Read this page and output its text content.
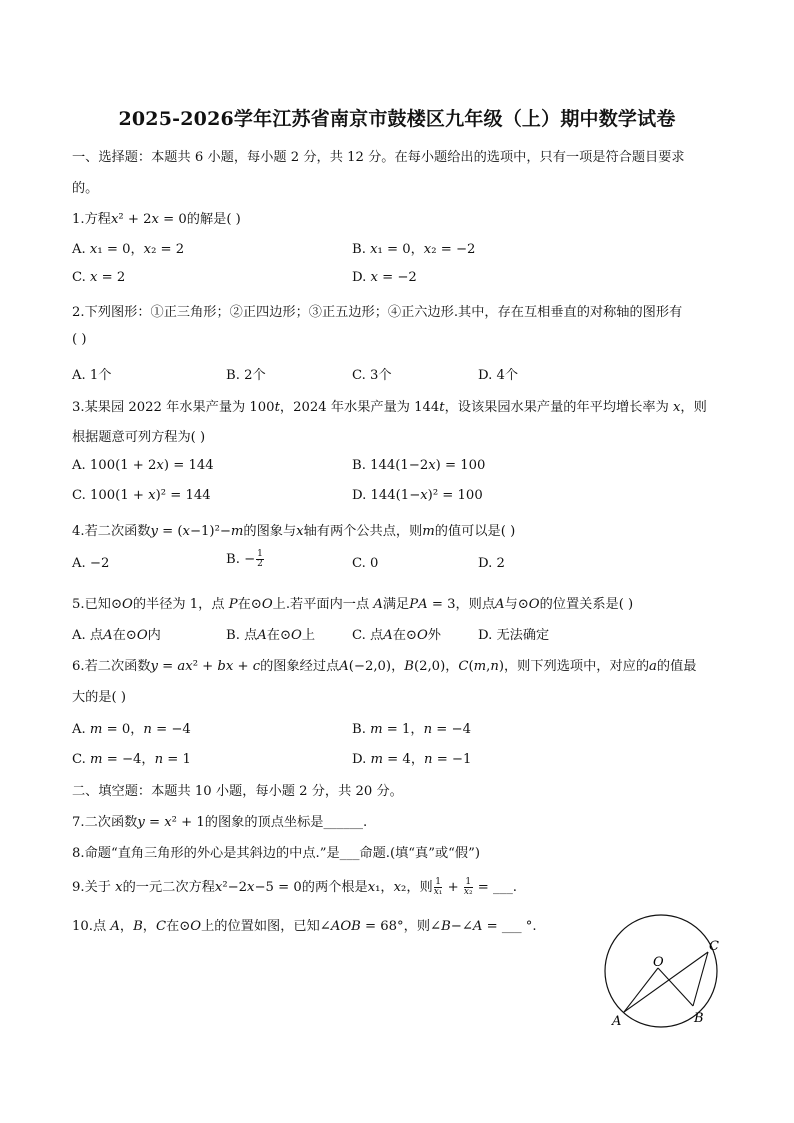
2025-2026学年江苏省南京市鼓楼区九年级（上）期中数学试卷
一、选择题：本题共 6 小题，每小题 2 分，共 12 分。在每小题给出的选项中，只有一项是符合题目要求
的。
1.方程𝑥² + 2𝑥 = 0的解是( )
A. 𝑥₁ = 0，𝑥₂ = 2	B. 𝑥₁ = 0，𝑥₂ = −2
C. 𝑥 = 2	D. 𝑥 = −2
2.下列图形：①正三角形；②正四边形；③正五边形；④正六边形.其中，存在互相垂直的对称轴的图形有
( )
A. 1个	B. 2个	C. 3个	D. 4个
3.某果园 2022 年水果产量为 100𝑡，2024 年水果产量为 144𝑡，设该果园水果产量的年平均增长率为 𝑥，则
根据题意可列方程为( )
A. 100(1 + 2𝑥) = 144	B. 144(1−2𝑥) = 100
C. 100(1 + 𝑥)² = 144	D. 144(1−𝑥)² = 100
4.若二次函数𝑦 = (𝑥−1)²−𝑚的图象与𝑥轴有两个公共点，则𝑚的值可以是( )
A. −2	B. − $\frac{1}{2}$	C. 0	D. 2
5.已知⊙𝑂的半径为 1，点 𝑃在⊙𝑂上.若平面内一点 𝐴满足𝑃𝐴 = 3，则点𝐴与⊙𝑂的位置关系是( )
A. 点𝐴在⊙𝑂内	B. 点𝐴在⊙𝑂上	C. 点𝐴在⊙𝑂外	D. 无法确定
6.若二次函数𝑦 = 𝑎𝑥² + 𝑏𝑥 + 𝑐的图象经过点𝐴(−2,0)，𝐵(2,0)，𝐶(𝑚,𝑛)，则下列选项中，对应的𝑎的值最
大的是( )
A. 𝑚 = 0，𝑛 = −4	B. 𝑚 = 1，𝑛 = −4
C. 𝑚 = −4，𝑛 = 1	D. 𝑚 = 4，𝑛 = −1
二、填空题：本题共 10 小题，每小题 2 分，共 20 分。
7.二次函数𝑦 = 𝑥² + 1的图象的顶点坐标是______.
8.命题“直角三角形的外心是其斜边的中点.”是___命题.(填“真”或“假”)
9.关于 𝑥的一元二次方程𝑥²−2𝑥−5 = 0的两个根是𝑥₁，𝑥₂，则 $\frac{1}{\text{𝑥₁}} + \frac{1}{\text{𝑥₂}}$ = ___.
10.点 𝐴，𝐵，𝐶在⊙𝑂上的位置如图，已知∠𝐴𝑂𝐵 = 68°，则∠𝐵−∠𝐴 = ___ °.
O
A	B
C
